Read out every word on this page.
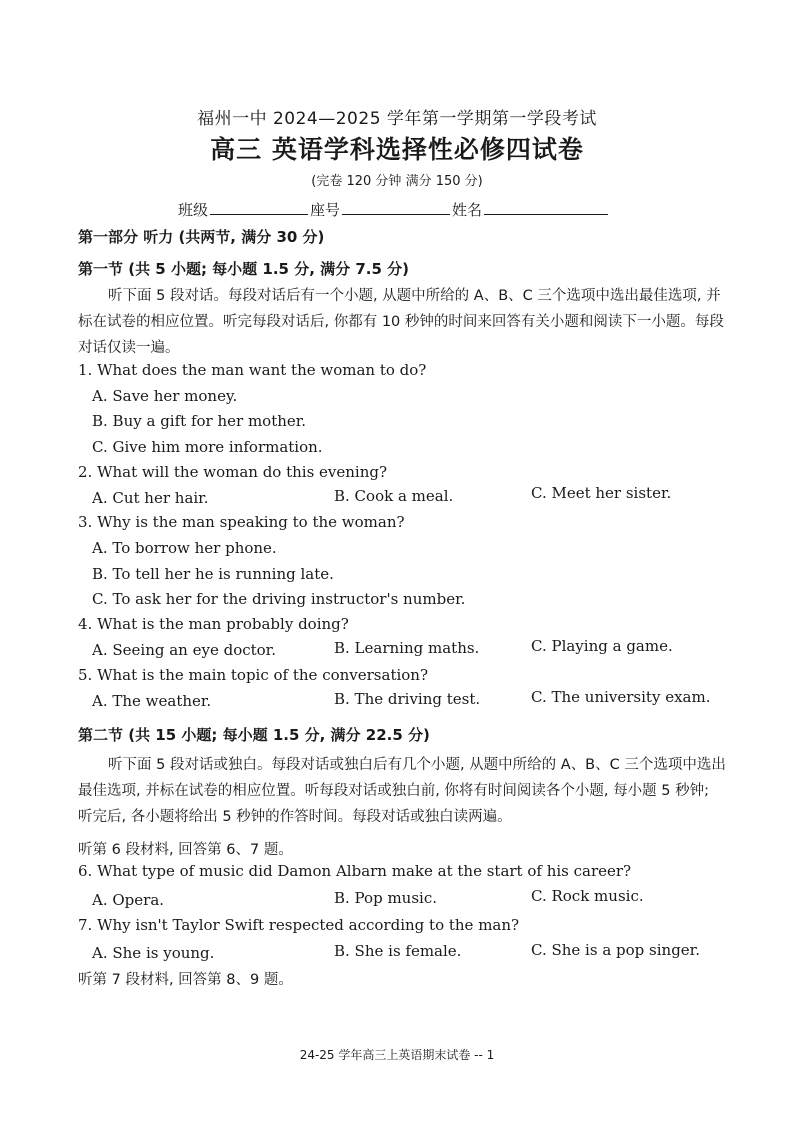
福州一中 2024—2025 学年第一学期第一学段考试
高三 英语学科选择性必修四试卷
(完卷 120 分钟 满分 150 分)
班级	座号	姓名
第一部分 听力 (共两节, 满分 30 分)
第一节 (共 5 小题; 每小题 1.5 分, 满分 7.5 分)
听下面 5 段对话。每段对话后有一个小题, 从题中所给的 A、B、C 三个选项中选出最佳选项, 并标在试卷的相应位置。听完每段对话后, 你都有 10 秒钟的时间来回答有关小题和阅读下一小题。每段对话仅读一遍。
1. What does the man want the woman to do?
A. Save her money.
B. Buy a gift for her mother.
C. Give him more information.
2. What will the woman do this evening?
A. Cut her hair.	B. Cook a meal.	C. Meet her sister.
3. Why is the man speaking to the woman?
A. To borrow her phone.
B. To tell her he is running late.
C. To ask her for the driving instructor's number.
4. What is the man probably doing?
A. Seeing an eye doctor.	B. Learning maths.	C. Playing a game.
5. What is the main topic of the conversation?
A. The weather.	B. The driving test.	C. The university exam.
第二节 (共 15 小题; 每小题 1.5 分, 满分 22.5 分)
听下面 5 段对话或独白。每段对话或独白后有几个小题, 从题中所给的 A、B、C 三个选项中选出最佳选项, 并标在试卷的相应位置。听每段对话或独白前, 你将有时间阅读各个小题, 每小题 5 秒钟; 听完后, 各小题将给出 5 秒钟的作答时间。每段对话或独白读两遍。
听第 6 段材料, 回答第 6、7 题。
6. What type of music did Damon Albarn make at the start of his career?
A. Opera.	B. Pop music.	C. Rock music.
7. Why isn't Taylor Swift respected according to the man?
A. She is young.	B. She is female.	C. She is a pop singer.
听第 7 段材料, 回答第 8、9 题。
24-25 学年高三上英语期末试卷 -- 1
